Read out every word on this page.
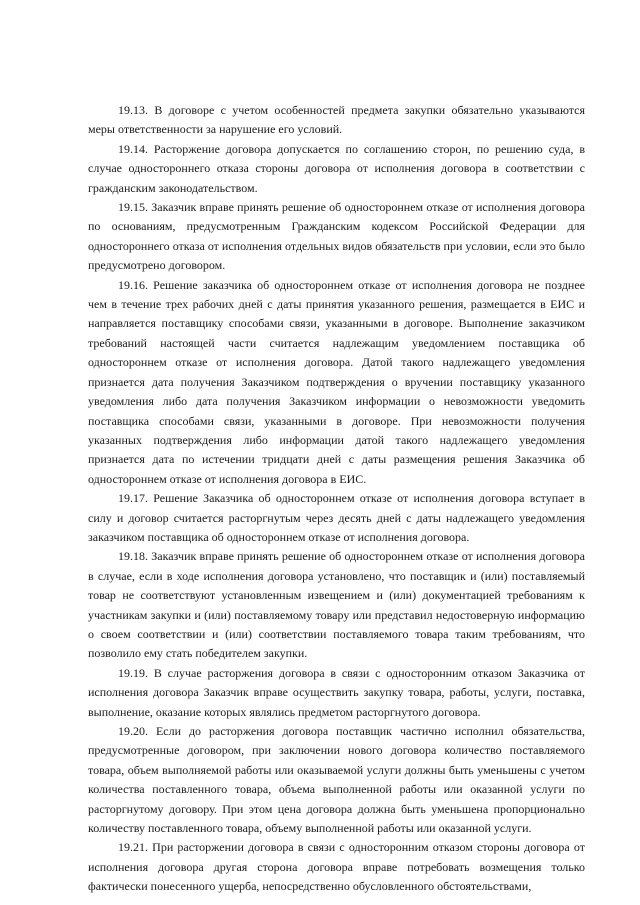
19.13. В договоре с учетом особенностей предмета закупки обязательно указываются меры ответственности за нарушение его условий.

19.14. Расторжение договора допускается по соглашению сторон, по решению суда, в случае одностороннего отказа стороны договора от исполнения договора в соответствии с гражданским законодательством.

19.15. Заказчик вправе принять решение об одностороннем отказе от исполнения договора по основаниям, предусмотренным Гражданским кодексом Российской Федерации для одностороннего отказа от исполнения отдельных видов обязательств при условии, если это было предусмотрено договором.

19.16. Решение заказчика об одностороннем отказе от исполнения договора не позднее чем в течение трех рабочих дней с даты принятия указанного решения, размещается в ЕИС и направляется поставщику способами связи, указанными в договоре. Выполнение заказчиком требований настоящей части считается надлежащим уведомлением поставщика об одностороннем отказе от исполнения договора. Датой такого надлежащего уведомления признается дата получения Заказчиком подтверждения о вручении поставщику указанного уведомления либо дата получения Заказчиком информации о невозможности уведомить поставщика способами связи, указанными в договоре. При невозможности получения указанных подтверждения либо информации датой такого надлежащего уведомления признается дата по истечении тридцати дней с даты размещения решения Заказчика об одностороннем отказе от исполнения договора в ЕИС.

19.17. Решение Заказчика об одностороннем отказе от исполнения договора вступает в силу и договор считается расторгнутым через десять дней с даты надлежащего уведомления заказчиком поставщика об одностороннем отказе от исполнения договора.

19.18. Заказчик вправе принять решение об одностороннем отказе от исполнения договора в случае, если в ходе исполнения договора установлено, что поставщик и (или) поставляемый товар не соответствуют установленным извещением и (или) документацией требованиям к участникам закупки и (или) поставляемому товару или представил недостоверную информацию о своем соответствии и (или) соответствии поставляемого товара таким требованиям, что позволило ему стать победителем закупки.

19.19. В случае расторжения договора в связи с односторонним отказом Заказчика от исполнения договора Заказчик вправе осуществить закупку товара, работы, услуги, поставка, выполнение, оказание которых являлись предметом расторгнутого договора.

19.20. Если до расторжения договора поставщик частично исполнил обязательства, предусмотренные договором, при заключении нового договора количество поставляемого товара, объем выполняемой работы или оказываемой услуги должны быть уменьшены с учетом количества поставленного товара, объема выполненной работы или оказанной услуги по расторгнутому договору. При этом цена договора должна быть уменьшена пропорционально количеству поставленного товара, объему выполненной работы или оказанной услуги.

19.21. При расторжении договора в связи с односторонним отказом стороны договора от исполнения договора другая сторона договора вправе потребовать возмещения только фактически понесенного ущерба, непосредственно обусловленного обстоятельствами,
